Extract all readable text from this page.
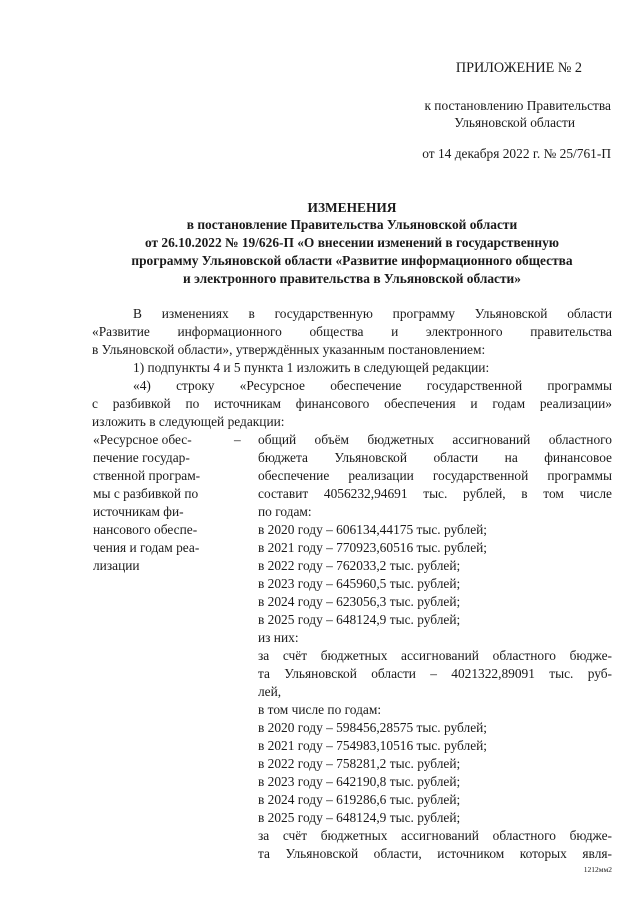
ПРИЛОЖЕНИЕ № 2
к постановлению Правительства
Ульяновской области
от 14 декабря 2022 г. № 25/761-П
ИЗМЕНЕНИЯ
в постановление Правительства Ульяновской области
от 26.10.2022 № 19/626-П «О внесении изменений в государственную
программу Ульяновской области «Развитие информационного общества
и электронного правительства в Ульяновской области»
В изменениях в государственную программу Ульяновской области
«Развитие информационного общества и электронного правительства
в Ульяновской области», утверждённых указанным постановлением:
1) подпункты 4 и 5 пункта 1 изложить в следующей редакции:
«4) строку «Ресурсное обеспечение государственной программы
с разбивкой по источникам финансового обеспечения и годам реализации»
изложить в следующей редакции:
«Ресурсное обес-	–
печение государ-
ственной програм-
мы с разбивкой по
источникам фи-
нансового обеспе-
чения и годам реа-
лизации
общий объём бюджетных ассигнований областного
бюджета Ульяновской области на финансовое
обеспечение реализации государственной программы
составит 4056232,94691 тыс. рублей, в том числе
по годам:
в 2020 году – 606134,44175 тыс. рублей;
в 2021 году – 770923,60516 тыс. рублей;
в 2022 году – 762033,2 тыс. рублей;
в 2023 году – 645960,5 тыс. рублей;
в 2024 году – 623056,3 тыс. рублей;
в 2025 году – 648124,9 тыс. рублей;
из них:
за счёт бюджетных ассигнований областного бюдже-
та Ульяновской области – 4021322,89091 тыс. руб-
лей,
в том числе по годам:
в 2020 году – 598456,28575 тыс. рублей;
в 2021 году – 754983,10516 тыс. рублей;
в 2022 году – 758281,2 тыс. рублей;
в 2023 году – 642190,8 тыс. рублей;
в 2024 году – 619286,6 тыс. рублей;
в 2025 году – 648124,9 тыс. рублей;
за счёт бюджетных ассигнований областного бюдже-
та Ульяновской области, источником которых явля-
1212мм2
